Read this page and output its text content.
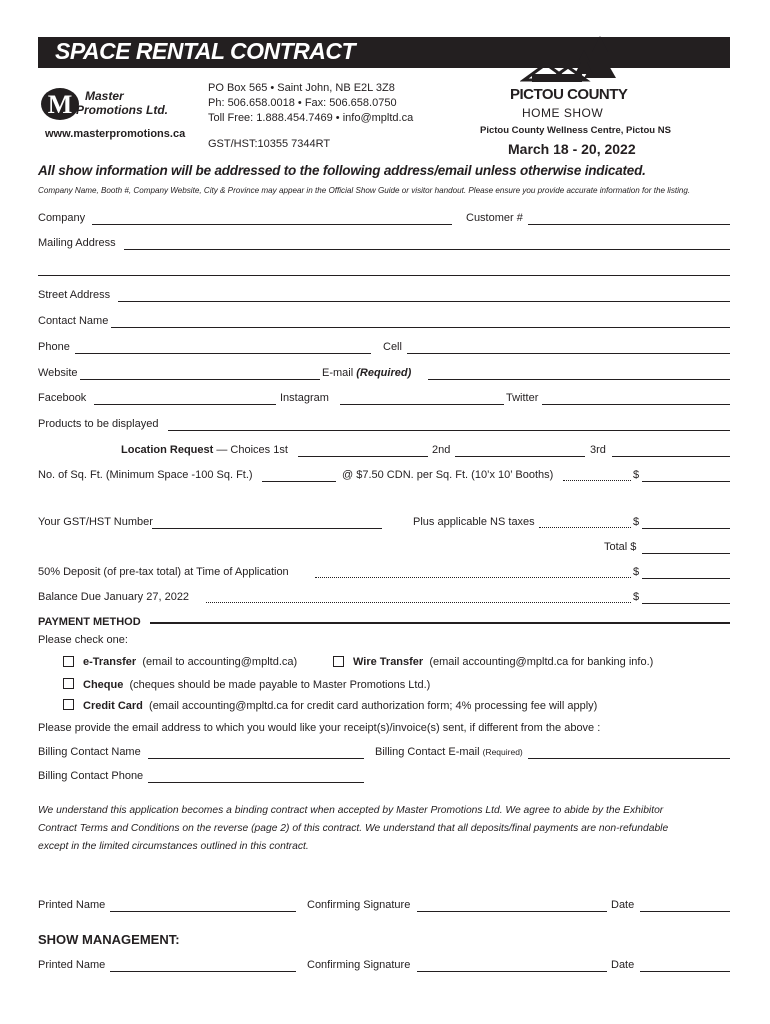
SPACE RENTAL CONTRACT
M Master
Promotions Ltd.
www.masterpromotions.ca
PO Box 565 • Saint John, NB E2L 3Z8
Ph: 506.658.0018 • Fax: 506.658.0750
Toll Free: 1.888.454.7469 • info@mpltd.ca
GST/HST:10355 7344RT
PICTOU COUNTY
HOME SHOW
Pictou County Wellness Centre, Pictou NS
March 18 - 20, 2022
All show information will be addressed to the following address/email unless otherwise indicated.
Company Name, Booth #, Company Website, City & Province may appear in the Official Show Guide or visitor handout. Please ensure you provide accurate information for the listing.
Company	Customer #
Mailing Address
Street Address
Contact Name
Phone	Cell
Website	E-mail (Required)
Facebook	Instagram	Twitter
Products to be displayed
Location Request — Choices 1st	2nd	3rd
No. of Sq. Ft. (Minimum Space -100 Sq. Ft.)	@ $7.50 CDN. per Sq. Ft. (10’x 10’ Booths)	$
Your GST/HST Number	Plus applicable NS taxes	$
Total $
50% Deposit (of pre-tax total) at Time of Application	$
Balance Due January 27, 2022	$
PAYMENT METHOD
Please check one:
e-Transfer (email to accounting@mpltd.ca)	Wire Transfer (email accounting@mpltd.ca for banking info.)
Cheque (cheques should be made payable to Master Promotions Ltd.)
Credit Card (email accounting@mpltd.ca for credit card authorization form; 4% processing fee will apply)
Please provide the email address to which you would like your receipt(s)/invoice(s) sent, if different from the above :
Billing Contact Name	Billing Contact E-mail (Required)
Billing Contact Phone
We understand this application becomes a binding contract when accepted by Master Promotions Ltd. We agree to abide by the Exhibitor
Contract Terms and Conditions on the reverse (page 2) of this contract. We understand that all deposits/final payments are non-refundable
except in the limited circumstances outlined in this contract.
Printed Name	Confirming Signature	Date
SHOW MANAGEMENT:
Printed Name	Confirming Signature	Date
